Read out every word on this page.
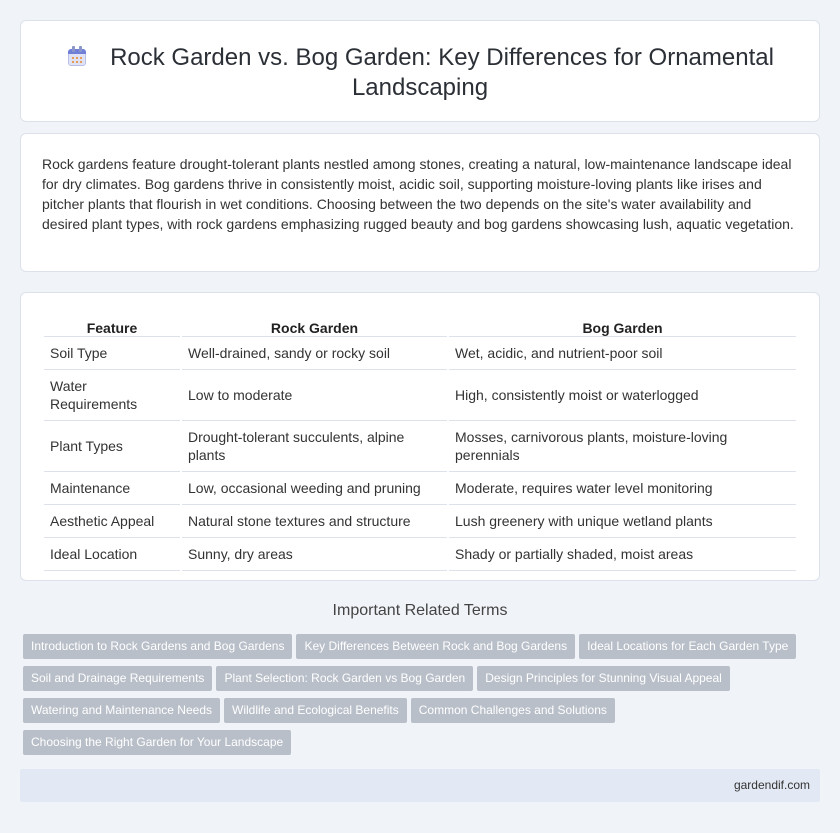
Rock Garden vs. Bog Garden: Key Differences for Ornamental Landscaping

Rock gardens feature drought-tolerant plants nestled among stones, creating a natural, low-maintenance landscape ideal for dry climates. Bog gardens thrive in consistently moist, acidic soil, supporting moisture-loving plants like irises and pitcher plants that flourish in wet conditions. Choosing between the two depends on the site's water availability and desired plant types, with rock gardens emphasizing rugged beauty and bog gardens showcasing lush, aquatic vegetation.

Feature	Rock Garden	Bog Garden
Soil Type	Well-drained, sandy or rocky soil	Wet, acidic, and nutrient-poor soil
Water Requirements	Low to moderate	High, consistently moist or waterlogged
Plant Types	Drought-tolerant succulents, alpine plants	Mosses, carnivorous plants, moisture-loving perennials
Maintenance	Low, occasional weeding and pruning	Moderate, requires water level monitoring
Aesthetic Appeal	Natural stone textures and structure	Lush greenery with unique wetland plants
Ideal Location	Sunny, dry areas	Shady or partially shaded, moist areas
Important Related Terms
Introduction to Rock Gardens and Bog Gardens Key Differences Between Rock and Bog Gardens Ideal Locations for Each Garden TypeSoil and Drainage Requirements Plant Selection: Rock Garden vs Bog Garden Design Principles for Stunning Visual AppealWatering and Maintenance Needs Wildlife and Ecological Benefits Common Challenges and SolutionsChoosing the Right Garden for Your Landscape
gardendif.com
